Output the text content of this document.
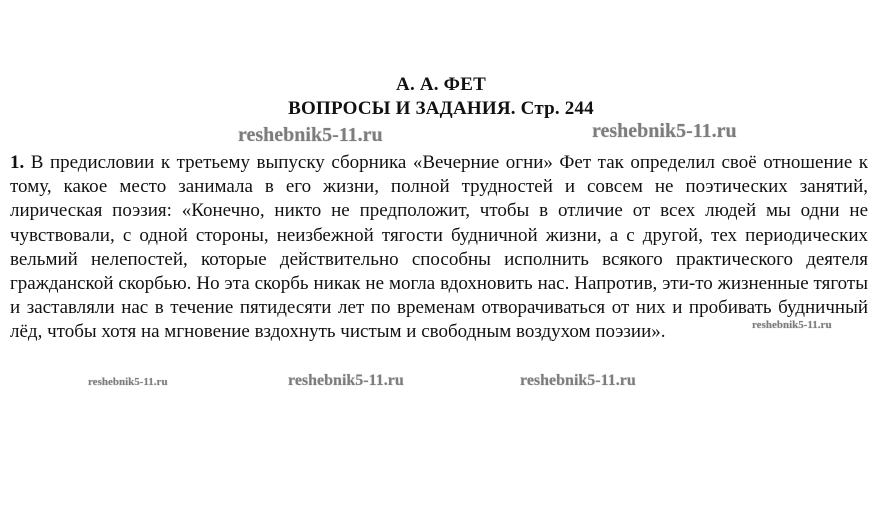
А. А. ФЕТ
ВОПРОСЫ И ЗАДАНИЯ. Стр. 244
reshebnik5-11.ru	reshebnik5-11.ru
1. В предисловии к третьему выпуску сборника «Вечерние огни» Фет так определил своё отношение к тому, какое место занимала в его жизни, полной трудностей и совсем не поэтических занятий, лирическая поэзия: «Конечно, никто не предположит, чтобы в отличие от всех людей мы одни не чувствовали, с одной стороны, неизбежной тягости будничной жизни, а с другой, тех периодических вельмий нелепостей, которые действительно способны исполнить всякого практического деятеля гражданской скорбью. Но эта скорбь никак не могла вдохновить нас. Напротив, эти-то жизненные тяготы и заставляли нас в течение пятидесяти лет по временам отворачиваться от них и пробивать будничный лёд, чтобы хотя на мгновение вздохнуть чистым и свободным воздухом поэзии».	reshebnik5-11.ru
reshebnik5-11.ru	reshebnik5-11.ru	reshebnik5-11.ru
